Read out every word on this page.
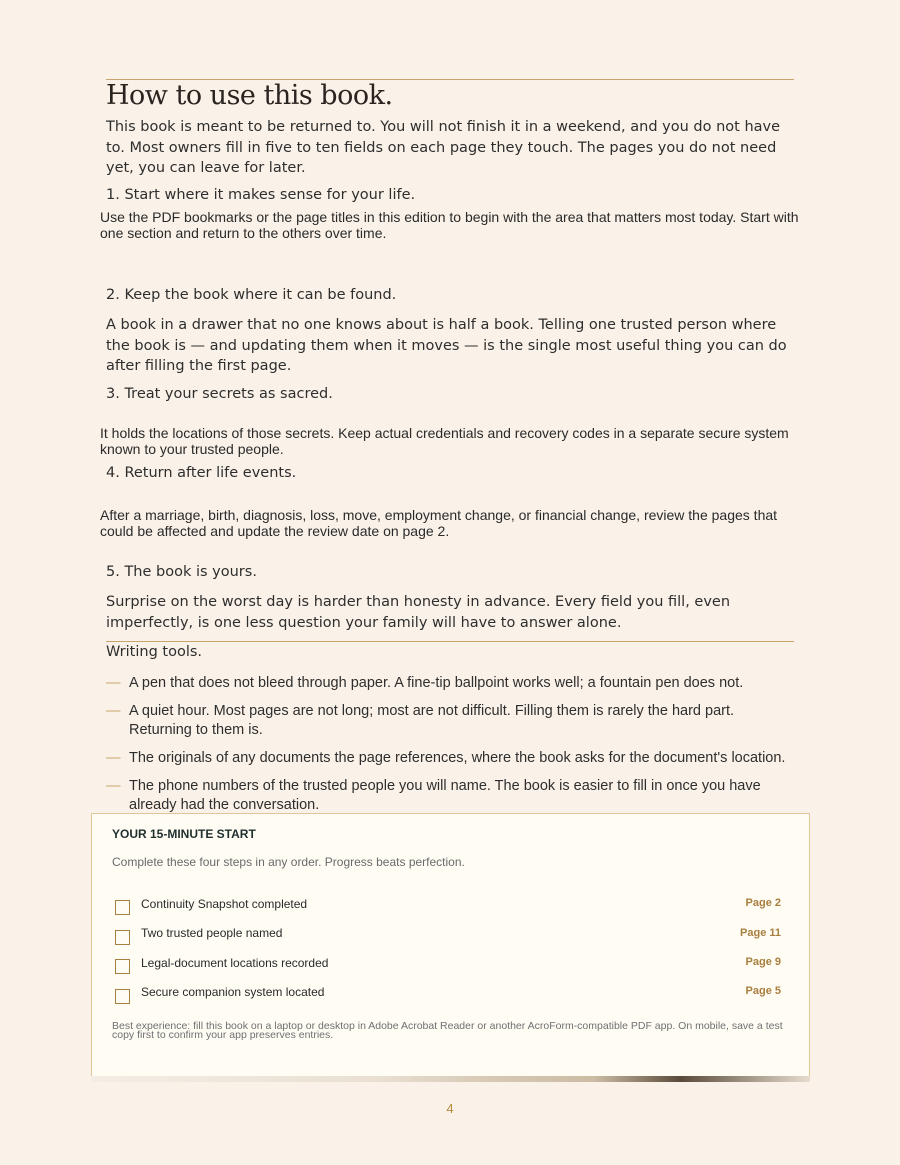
How to use this book.
This book is meant to be returned to. You will not finish it in a weekend, and you do not have to. Most owners fill in five to ten fields on each page they touch. The pages you do not need yet, you can leave for later.
1. Start where it makes sense for your life.
Use the PDF bookmarks or the page titles in this edition to begin with the area that matters most today. Start with one section and return to the others over time.
2. Keep the book where it can be found.
A book in a drawer that no one knows about is half a book. Telling one trusted person where the book is — and updating them when it moves — is the single most useful thing you can do after filling the first page.
3. Treat your secrets as sacred.
It holds the locations of those secrets. Keep actual credentials and recovery codes in a separate secure system known to your trusted people.
4. Return after life events.
After a marriage, birth, diagnosis, loss, move, employment change, or financial change, review the pages that could be affected and update the review date on page 2.
5. The book is yours.
Surprise on the worst day is harder than honesty in advance. Every field you fill, even imperfectly, is one less question your family will have to answer alone.
Writing tools.
— A pen that does not bleed through paper. A fine-tip ballpoint works well; a fountain pen does not.
— A quiet hour. Most pages are not long; most are not difficult. Filling them is rarely the hard part. Returning to them is.
— The originals of any documents the page references, where the book asks for the document's location.
— The phone numbers of the trusted people you will name. The book is easier to fill in once you have already had the conversation.
YOUR 15-MINUTE START
Complete these four steps in any order. Progress beats perfection.
Continuity Snapshot completed	Page 2
Two trusted people named	Page 11
Legal-document locations recorded	Page 9
Secure companion system located	Page 5
Best experience: fill this book on a laptop or desktop in Adobe Acrobat Reader or another AcroForm-compatible PDF app. On mobile, save a test copy first to confirm your app preserves entries.
4
